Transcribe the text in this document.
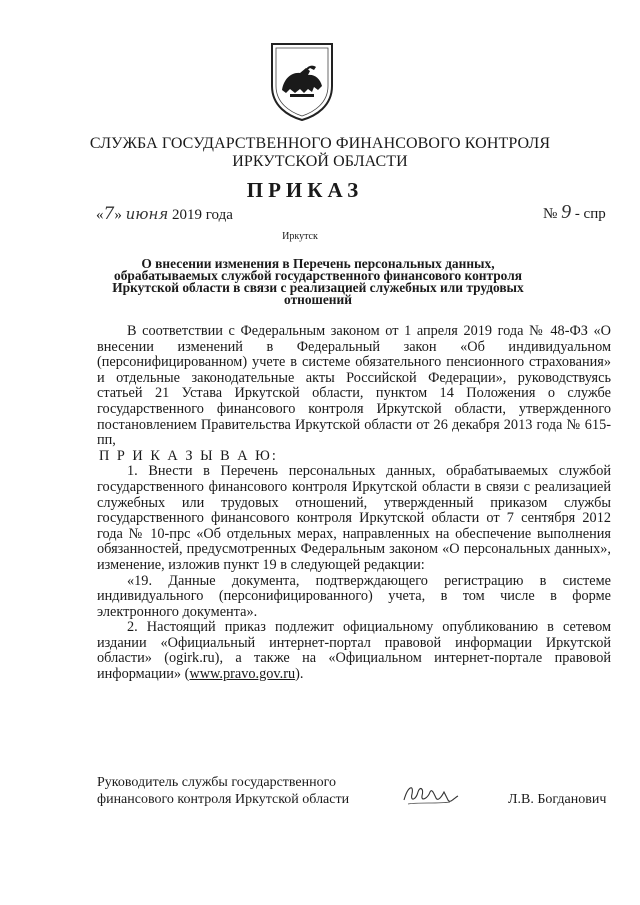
СЛУЖБА ГОСУДАРСТВЕННОГО ФИНАНСОВОГО КОНТРОЛЯ
ИРКУТСКОЙ ОБЛАСТИ
ПРИКАЗ
«7» июня 2019 года	№ 9 - спр
Иркутск
О внесении изменения в Перечень персональных данных, обрабатываемых службой государственного финансового контроля Иркутской области в связи с реализацией служебных или трудовых отношений

В соответствии с Федеральным законом от 1 апреля 2019 года № 48-ФЗ «О внесении изменений в Федеральный закон «Об индивидуальном (персонифицированном) учете в системе обязательного пенсионного страхования» и отдельные законодательные акты Российской Федерации», руководствуясь статьей 21 Устава Иркутской области, пунктом 14 Положения о службе государственного финансового контроля Иркутской области, утвержденного постановлением Правительства Иркутской области от 26 декабря 2013 года № 615-пп,

П Р И К А З Ы В А Ю:

1. Внести в Перечень персональных данных, обрабатываемых службой государственного финансового контроля Иркутской области в связи с реализацией служебных или трудовых отношений, утвержденный приказом службы государственного финансового контроля Иркутской области от 7 сентября 2012 года № 10-прс «Об отдельных мерах, направленных на обеспечение выполнения обязанностей, предусмотренных Федеральным законом «О персональных данных», изменение, изложив пункт 19 в следующей редакции:

«19. Данные документа, подтверждающего регистрацию в системе индивидуального (персонифицированного) учета, в том числе в форме электронного документа».

2. Настоящий приказ подлежит официальному опубликованию в сетевом издании «Официальный интернет-портал правовой информации Иркутской области» (ogirk.ru), а также на «Официальном интернет-портале правовой информации» (www.pravo.gov.ru).

Руководитель службы государственного
финансового контроля Иркутской области	Л.В. Богданович
